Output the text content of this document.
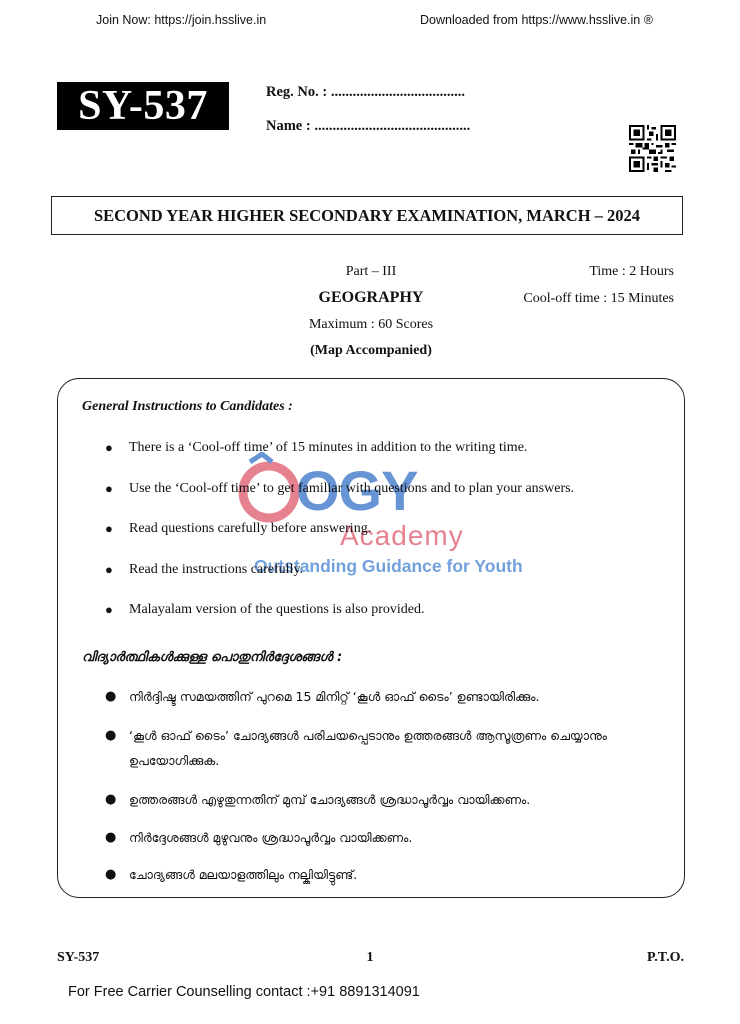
Join Now: https://join.hsslive.in	Downloaded from https://www.hsslive.in ®
SY-537	Reg. No. : .....................................
Name : ...........................................
SECOND YEAR HIGHER SECONDARY EXAMINATION, MARCH – 2024
Part – III
GEOGRAPHY
Maximum : 60 Scores
(Map Accompanied)
Time : 2 Hours
Cool-off time : 15 Minutes
OGY
Academy
Outstanding Guidance for Youth
General Instructions to Candidates :
● There is a ‘Cool-off time’ of 15 minutes in addition to the writing time.
● Use the ‘Cool-off time’ to get familiar with questions and to plan your answers.
● Read questions carefully before answering.
● Read the instructions carefully.
● Malayalam version of the questions is also provided.
വിദ്യാർത്ഥികൾക്കുള്ള പൊതുനിർദ്ദേശങ്ങൾ :
● നിർദ്ദിഷ്ട സമയത്തിന് പുറമെ 15 മിനിറ്റ് ‘കൂൾ ഓഫ് ടൈം’ ഉണ്ടായിരിക്കും.
● ‘കൂൾ ഓഫ് ടൈം’ ചോദ്യങ്ങൾ പരിചയപ്പെടാനും ഉത്തരങ്ങൾ ആസൂത്രണം ചെയ്യാനും ഉപയോഗിക്കുക.
● ഉത്തരങ്ങൾ എഴുതുന്നതിന് മുമ്പ് ചോദ്യങ്ങൾ ശ്രദ്ധാപൂർവ്വം വായിക്കണം.
● നിർദ്ദേശങ്ങൾ മുഴുവനും ശ്രദ്ധാപൂർവ്വം വായിക്കണം.
● ചോദ്യങ്ങൾ മലയാളത്തിലും നല്കിയിട്ടുണ്ട്.
SY-537	1	P.T.O.
For Free Carrier Counselling contact :+91 8891314091
